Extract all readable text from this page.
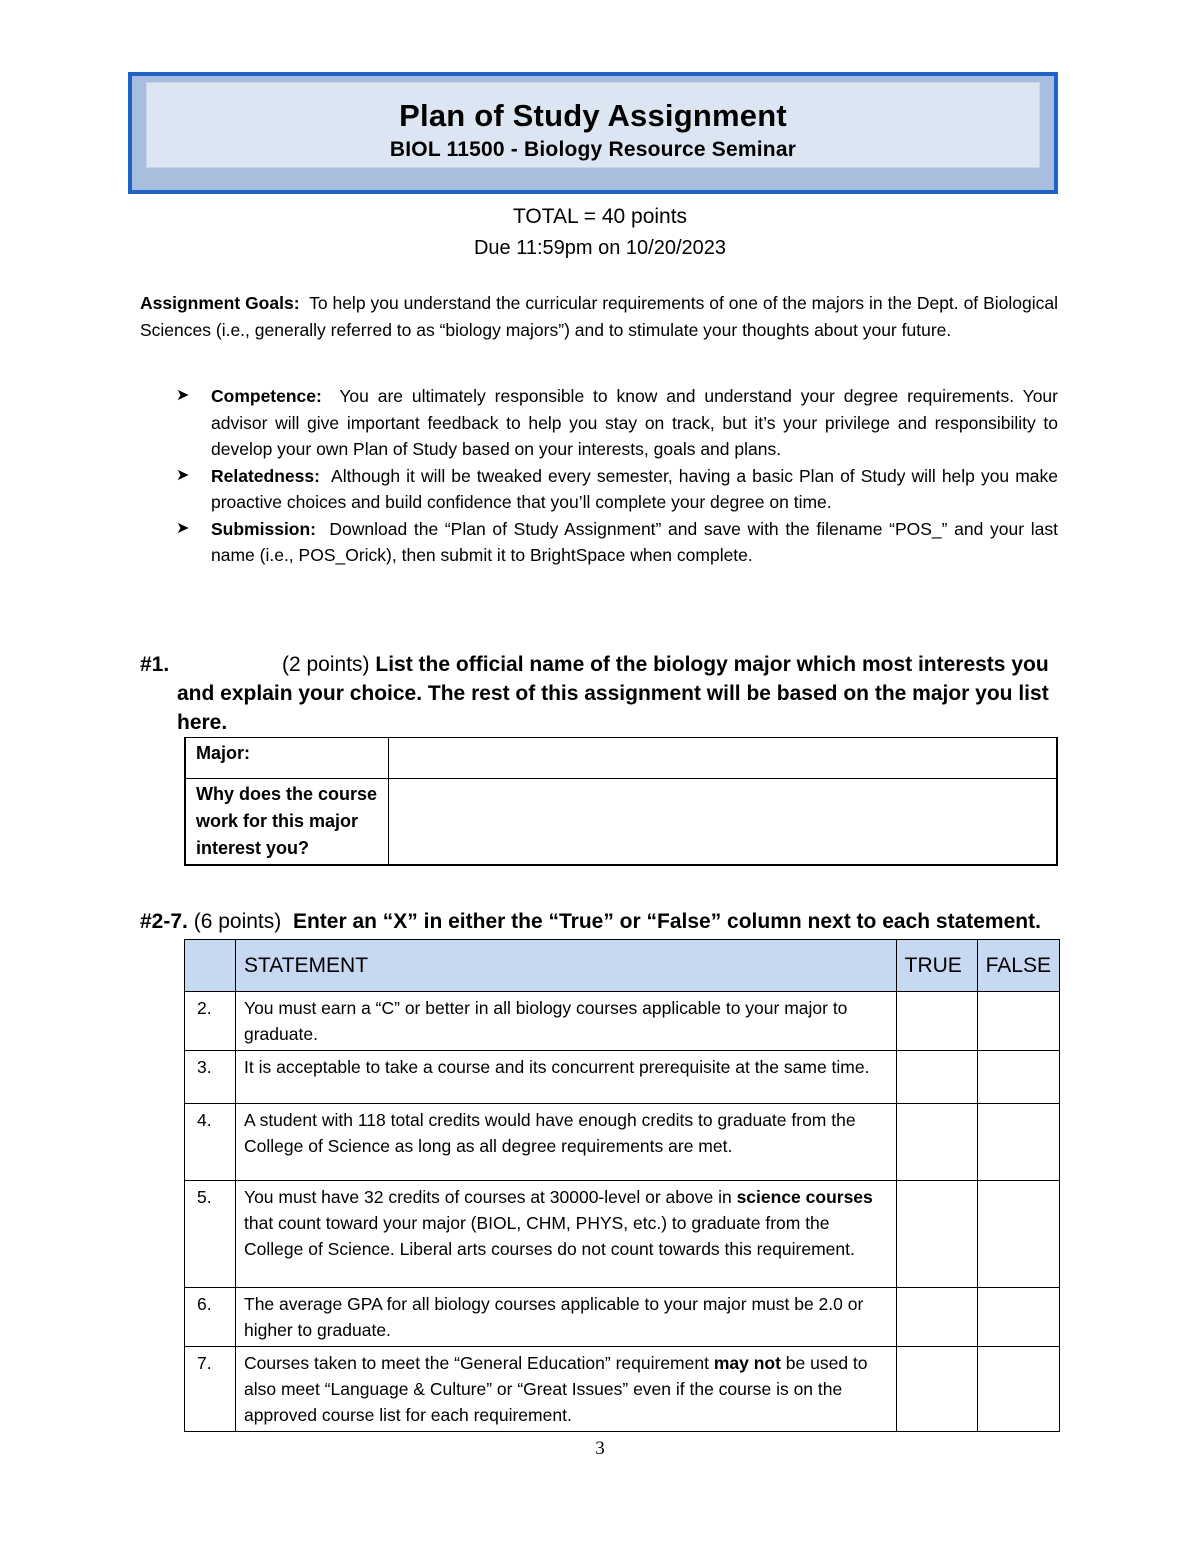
Plan of Study Assignment
BIOL 11500 - Biology Resource Seminar
TOTAL = 40 points
Due 11:59pm on 10/20/2023
Assignment Goals: To help you understand the curricular requirements of one of the majors in the Dept. of Biological Sciences (i.e., generally referred to as “biology majors”) and to stimulate your thoughts about your future.
➤ Competence: You are ultimately responsible to know and understand your degree requirements. Your advisor will give important feedback to help you stay on track, but it’s your privilege and responsibility to develop your own Plan of Study based on your interests, goals and plans.
➤ Relatedness: Although it will be tweaked every semester, having a basic Plan of Study will help you make proactive choices and build confidence that you’ll complete your degree on time.
➤ Submission: Download the “Plan of Study Assignment” and save with the filename “POS_” and your last name (i.e., POS_Orick), then submit it to BrightSpace when complete.
#1.	(2 points) List the official name of the biology major which most interests you
and explain your choice. The rest of this assignment will be based on the major you list here.
Major:	
Why does the course work for this major interest you?	
#2-7. (6 points) Enter an “X” in either the “True” or “False” column next to each statement.
	STATEMENT	TRUE	FALSE
2.	You must earn a “C” or better in all biology courses applicable to your major to graduate.		
3.	It is acceptable to take a course and its concurrent prerequisite at the same time.		
4.	A student with 118 total credits would have enough credits to graduate from the College of Science as long as all degree requirements are met.		
5.	You must have 32 credits of courses at 30000-level or above in science courses that count toward your major (BIOL, CHM, PHYS, etc.) to graduate from the College of Science. Liberal arts courses do not count towards this requirement.		
6.	The average GPA for all biology courses applicable to your major must be 2.0 or higher to graduate.		
7.	Courses taken to meet the “General Education” requirement may not be used to also meet “Language & Culture” or “Great Issues” even if the course is on the approved course list for each requirement.		
3
